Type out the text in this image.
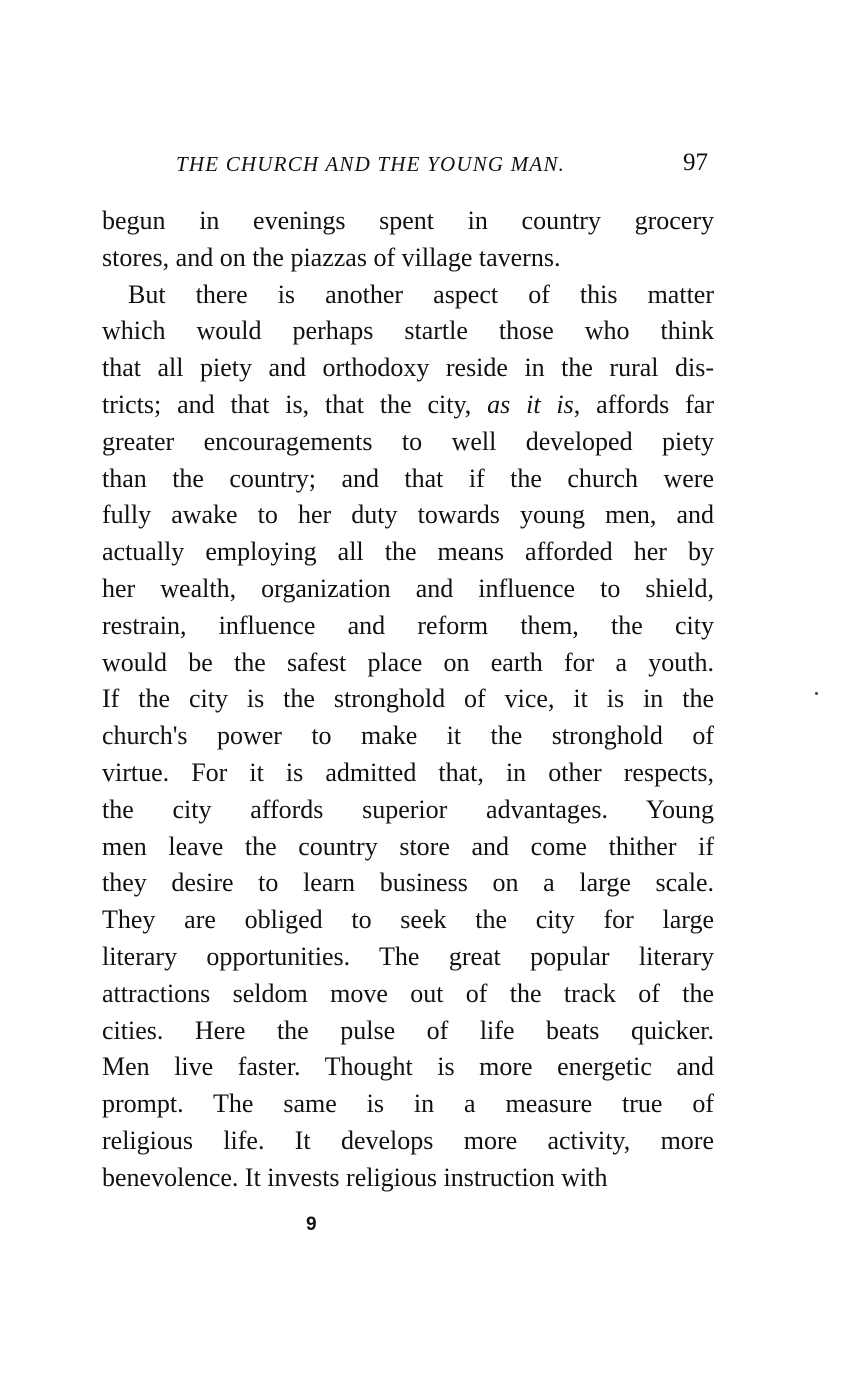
THE CHURCH AND THE YOUNG MAN.	97
begun in evenings spent in country grocery
stores, and on the piazzas of village taverns.
But there is another aspect of this matter
which would perhaps startle those who think
that all piety and orthodoxy reside in the rural dis-
tricts; and that is, that the city, as it is, affords far
greater encouragements to well developed piety
than the country; and that if the church were
fully awake to her duty towards young men, and
actually employing all the means afforded her by
her wealth, organization and influence to shield,
restrain, influence and reform them, the city
would be the safest place on earth for a youth.
If the city is the stronghold of vice, it is in the
church's power to make it the stronghold of
virtue. For it is admitted that, in other respects,
the city affords superior advantages. Young
men leave the country store and come thither if
they desire to learn business on a large scale.
They are obliged to seek the city for large
literary opportunities. The great popular literary
attractions seldom move out of the track of the
cities. Here the pulse of life beats quicker.
Men live faster. Thought is more energetic and
prompt. The same is in a measure true of
religious life. It develops more activity, more
benevolence. It invests religious instruction with
9
